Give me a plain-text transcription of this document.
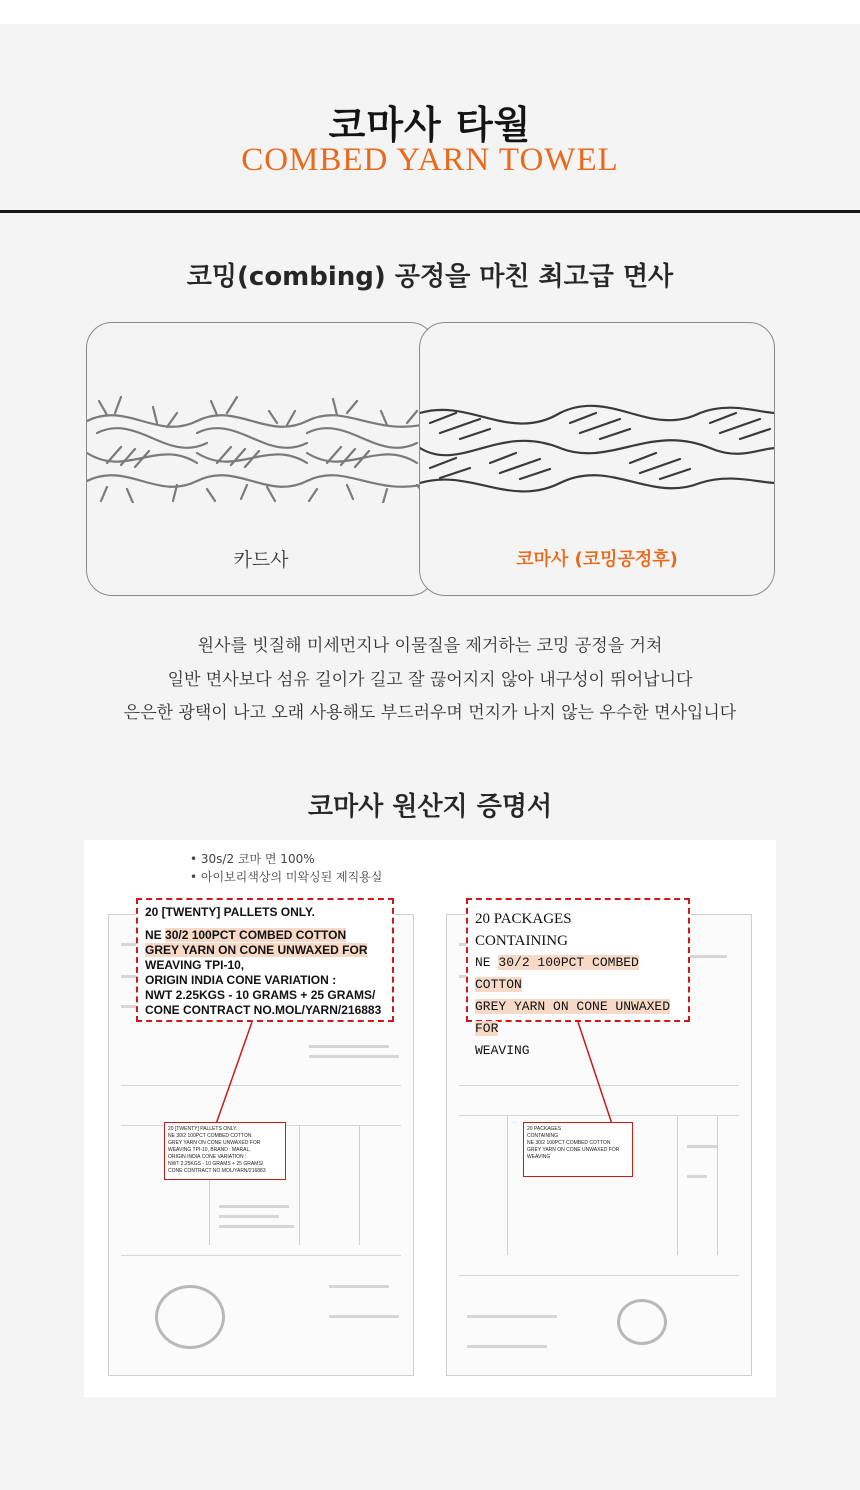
코마사 타월
COMBED YARN TOWEL
코밍(combing) 공정을 마친 최고급 면사
카드사	코마사 (코밍공정후)

원사를 빗질해 미세먼지나 이물질을 제거하는 코밍 공정을 거쳐

일반 면사보다 섬유 길이가 길고 잘 끊어지지 않아 내구성이 뛰어납니다

은은한 광택이 나고 오래 사용해도 부드러우며 먼지가 나지 않는 우수한 면사입니다

코마사 원산지 증명서
• 30s/2 코마 면 100%
• 아이보리색상의 미왁싱된 제직용실
20 [TWENTY] PALLETS ONLY.
NE 30/2 100PCT COMBED COTTON
GREY YARN ON CONE UNWAXED FOR
WEAVING TPI-10,
ORIGIN INDIA CONE VARIATION :
NWT 2.25KGS - 10 GRAMS + 25 GRAMS/
CONE CONTRACT NO.MOL/YARN/216883
20 PACKAGES
CONTAINING
NE 30/2 100PCT COMBED COTTON
GREY YARN ON CONE UNWAXED FOR
WEAVING
20 [TWENTY] PALLETS ONLY.
NE 30/2 100PCT COMBED COTTON
GREY YARN ON CONE UNWAXED FOR
WEAVING TPI-10, BRAND : MARAL,
ORIGIN INDIA CONE VARIATION :
NWT 2.25KGS - 10 GRAMS + 25 GRAMS/
CONE CONTRACT NO.MOL/YARN/216883
20 PACKAGES
CONTAINING
NE 30/2 100PCT COMBED COTTON
GREY YARN ON CONE UNWAXED FOR
WEAVING
